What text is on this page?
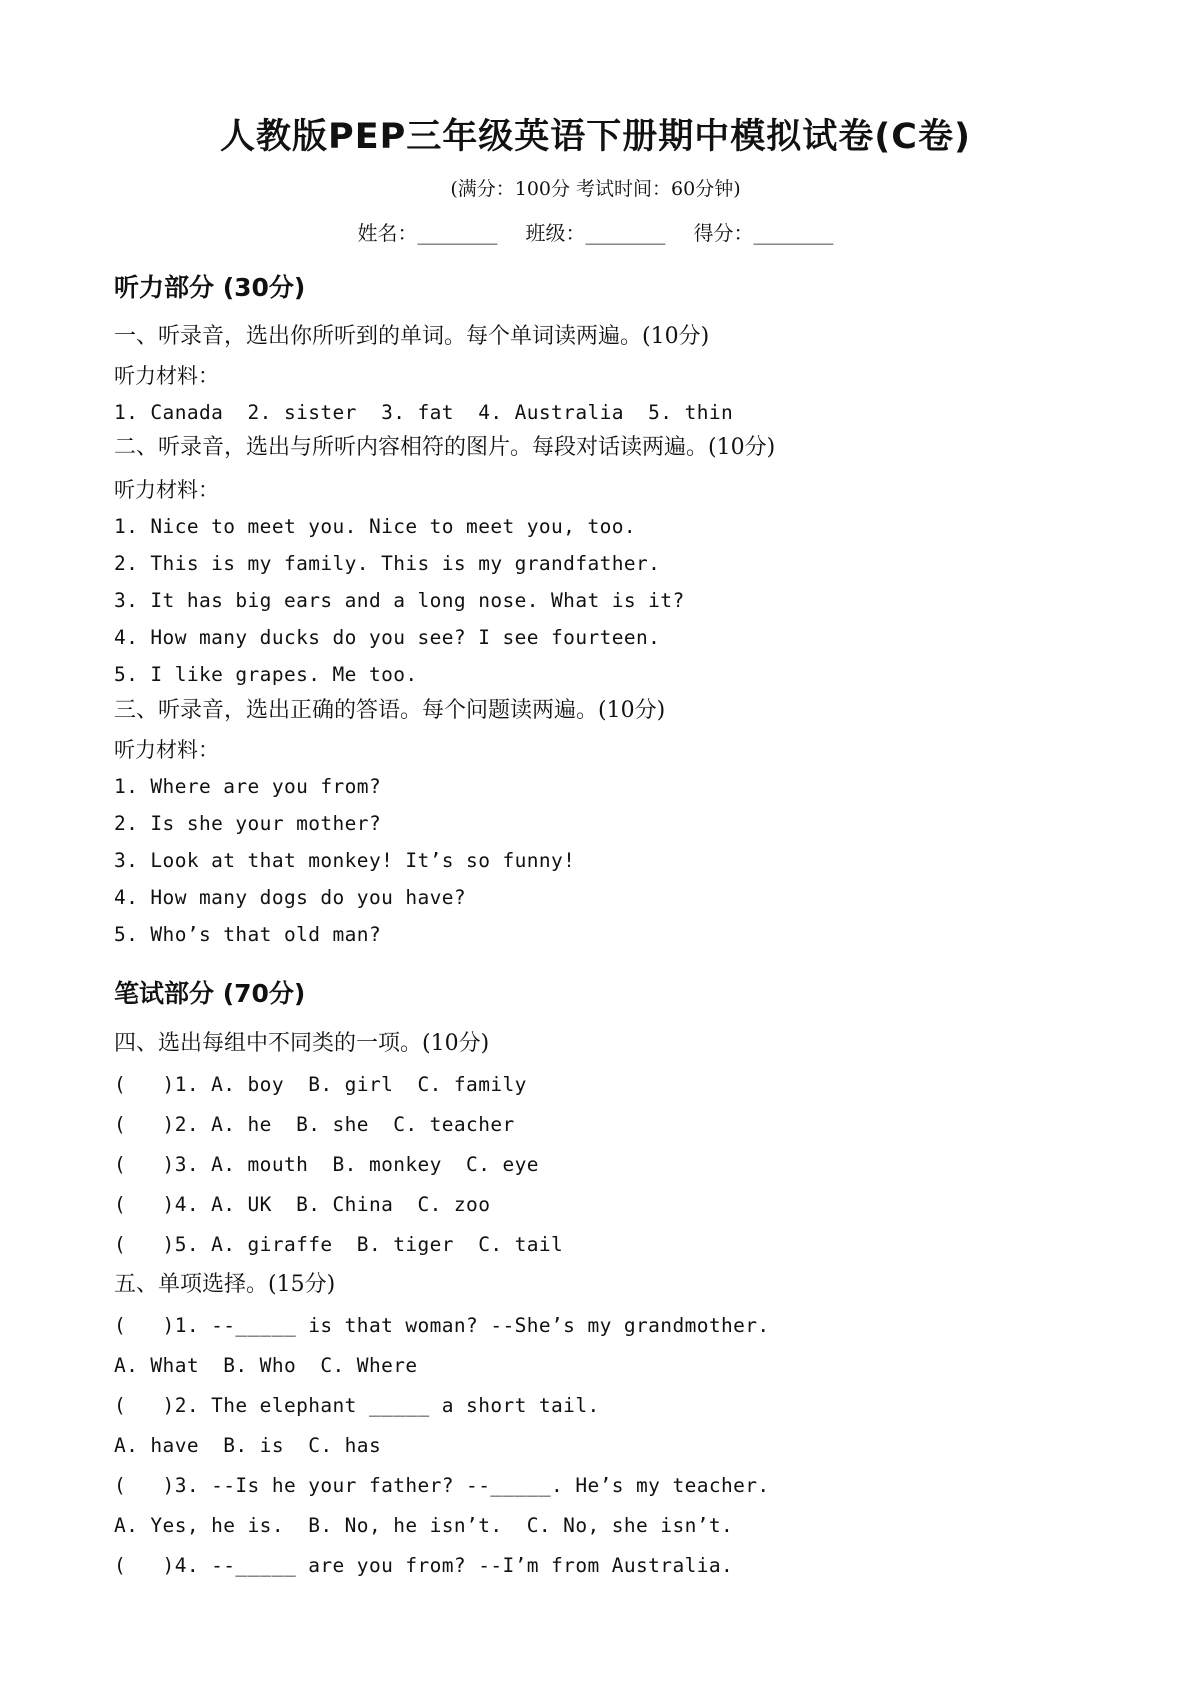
人教版PEP三年级英语下册期中模拟试卷(C卷)
(满分：100分 考试时间：60分钟)
姓名：________ 班级：________ 得分：________
听力部分 (30分)
一、听录音，选出你所听到的单词。每个单词读两遍。(10分)
听力材料：
1. Canada  2. sister  3. fat  4. Australia  5. thin
二、听录音，选出与所听内容相符的图片。每段对话读两遍。(10分)
听力材料：
1. Nice to meet you. Nice to meet you, too.
2. This is my family. This is my grandfather.
3. It has big ears and a long nose. What is it?
4. How many ducks do you see? I see fourteen.
5. I like grapes. Me too.
三、听录音，选出正确的答语。每个问题读两遍。(10分)
听力材料：
1. Where are you from?
2. Is she your mother?
3. Look at that monkey! It’s so funny!
4. How many dogs do you have?
5. Who’s that old man?
笔试部分 (70分)
四、选出每组中不同类的一项。(10分)
(   )1. A. boy  B. girl  C. family
(   )2. A. he  B. she  C. teacher
(   )3. A. mouth  B. monkey  C. eye
(   )4. A. UK  B. China  C. zoo
(   )5. A. giraffe  B. tiger  C. tail
五、单项选择。(15分)
(   )1. --_____ is that woman? --She’s my grandmother.
A. What  B. Who  C. Where
(   )2. The elephant _____ a short tail.
A. have  B. is  C. has
(   )3. --Is he your father? --_____. He’s my teacher.
A. Yes, he is.  B. No, he isn’t.  C. No, she isn’t.
(   )4. --_____ are you from? --I’m from Australia.
